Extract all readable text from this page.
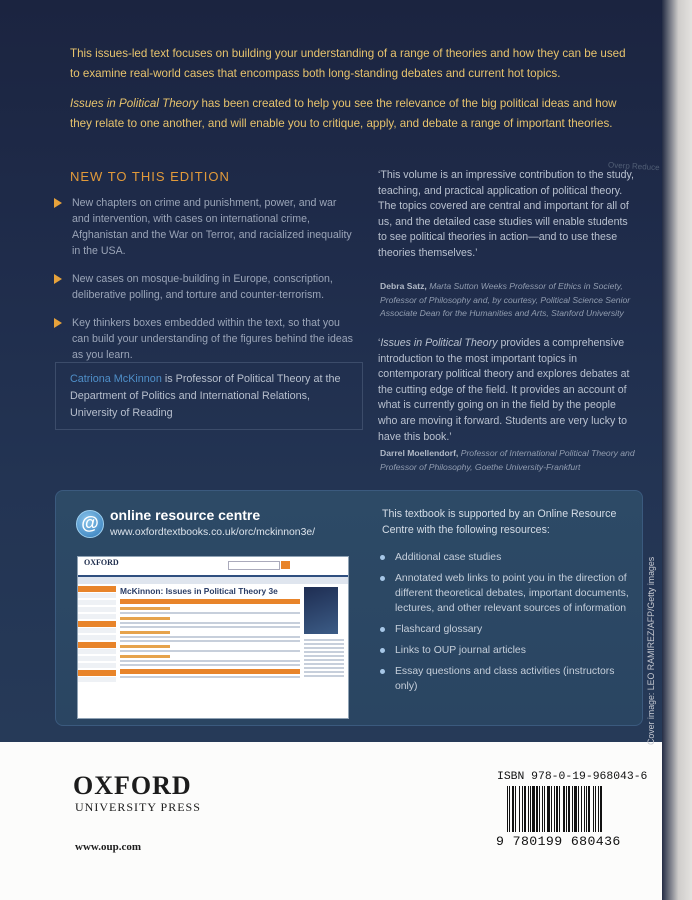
This issues-led text focuses on building your understanding of a range of theories and how they can be used to examine real-world cases that encompass both long-standing debates and current hot topics.
Issues in Political Theory has been created to help you see the relevance of the big political ideas and how they relate to one another, and will enable you to critique, apply, and debate a range of important theories.
NEW TO THIS EDITION
New chapters on crime and punishment, power, and war and intervention, with cases on international crime, Afghanistan and the War on Terror, and racialized inequality in the USA.
New cases on mosque-building in Europe, conscription, deliberative polling, and torture and counter-terrorism.
Key thinkers boxes embedded within the text, so that you can build your understanding of the figures behind the ideas as you learn.
Catriona McKinnon is Professor of Political Theory at the Department of Politics and International Relations, University of Reading
‘This volume is an impressive contribution to the study, teaching, and practical application of political theory. The topics covered are central and important for all of us, and the detailed case studies will enable students to see political theories in action—and to use these theories themselves.’
Debra Satz, Marta Sutton Weeks Professor of Ethics in Society, Professor of Philosophy and, by courtesy, Political Science Senior Associate Dean for the Humanities and Arts, Stanford University
‘Issues in Political Theory provides a comprehensive introduction to the most important topics in contemporary political theory and explores debates at the cutting edge of the field. It provides an account of what is currently going on in the field by the people who are moving it forward. Students are very lucky to have this book.’
Darrel Moellendorf, Professor of International Political Theory and Professor of Philosophy, Goethe University-Frankfurt
Overp Reduce
@ online resource centre
www.oxfordtextbooks.co.uk/orc/mckinnon3e/
OXFORD
McKinnon: Issues in Political Theory 3e
This textbook is supported by an Online Resource Centre with the following resources:
Additional case studies
Annotated web links to point you in the direction of different theoretical debates, important documents, lectures, and other relevant sources of information
Flashcard glossary
Links to OUP journal articles
Essay questions and class activities (instructors only)	Cover image: LEO RAMIREZ/AFP/Getty images
OXFORD
UNIVERSITY PRESS
www.oup.com
ISBN 978-0-19-968043-6
9 780199 680436
